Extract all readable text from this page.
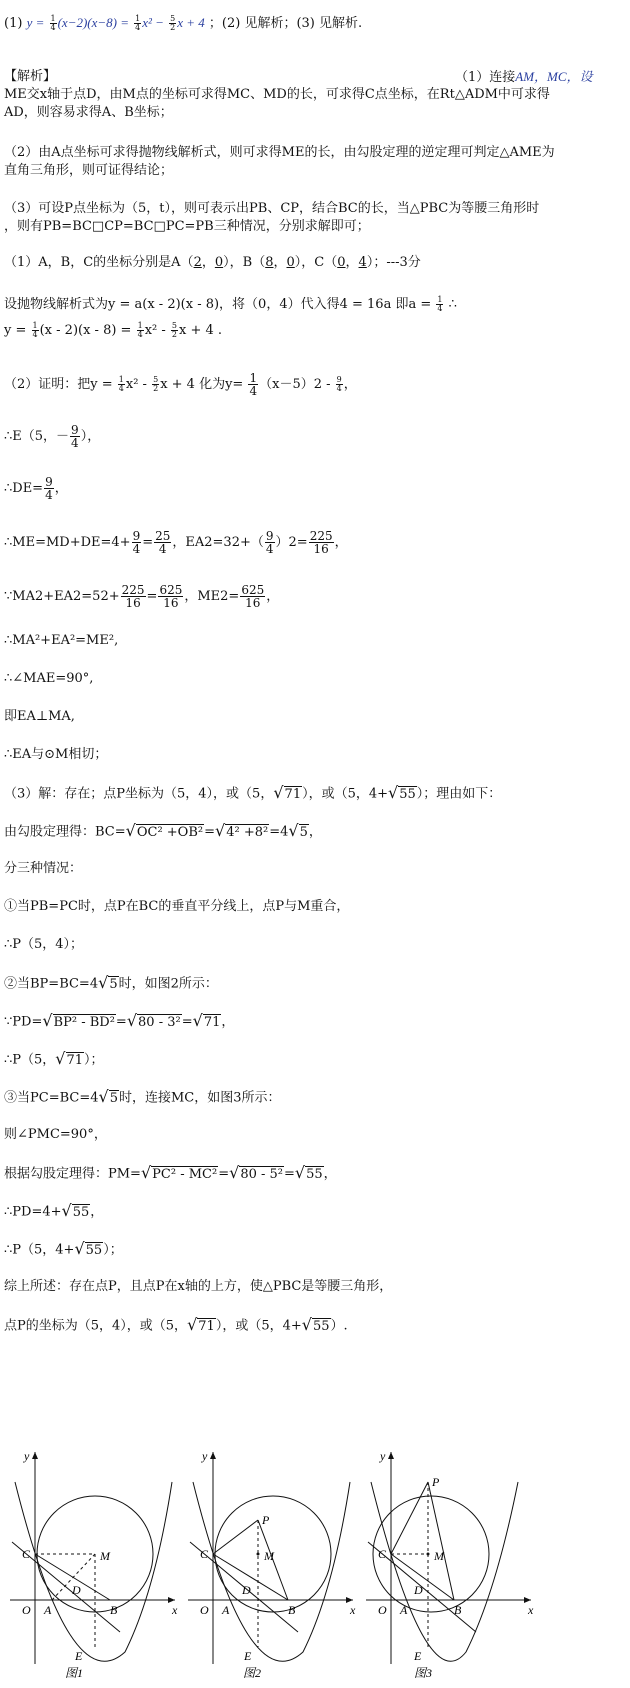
(1) $y = \frac{1}{4} (x-2)(x-8) = \frac{1}{4} x^2 - \frac{5}{2}$ x + 4 ；(2) 见解析；(3) 见解析.
【解析】	（1）连接AM，MC，设
ME交x轴于点D，由M点的坐标可求得MC、MD的长，可求得C点坐标，在Rt△ADM中可求得
AD，则容易求得A、B坐标；
（2）由A点坐标可求得抛物线解析式，则可求得ME的长，由勾股定理的逆定理可判定△AME为
直角三角形，则可证得结论；
（3）可设P点坐标为（5，t），则可表示出PB、CP，结合BC的长，当△PBC为等腰三角形时
，则有PB=BC□CP=BC□PC=PB三种情况，分别求解即可；
（1）A，B，C的坐标分别是A（2，0），B（8，0），C（0，4）；---3分
设抛物线解析式为y = a(x - 2)(x - 8)，将（0，4）代入得4 = 16a 即$a = \frac{1}{4}$ ∴
$y = \frac{1}{4} (x - 2)(x - 8) = \frac{1}{4} x^2 - \frac{5}{2}$ x + 4 .
（2）证明：把$y = \frac{1}{4} x^2 - \frac{5}{2}$ x + 4 化为$y= \frac{1}{4} (x-5)2 - \frac{9}{4}$ ，
∴E（5，－ $\frac{9}{4}$ ），
∴DE= $\frac{9}{4}$ ，
∴ME=MD+DE=4+ $\frac{9}{4} = \frac{25}{4}$ ，$EA2=32+( \frac{9}{4} )2= \frac{225}{16}$ ，
∵MA2+EA2=52+ $\frac{225}{16} = \frac{625}{16}$ ，$ME2= \frac{625}{16}$ ，
∴MA²+EA²=ME²,
∴∠MAE=90°,
即EA⊥MA,
∴EA与⊙M相切；
（3）解：存在；点P坐标为（5，4），或（5，√71），或（5，4+√55）；理由如下：
由勾股定理得：BC=√OC² +OB²=√4² +8²=4√5，
分三种情况：
①当PB=PC时，点P在BC的垂直平分线上，点P与M重合，
∴P（5，4）；
②当BP=BC=4√5时，如图2所示：
∵PD=√BP² - BD²=√80 - 3²=√71，
∴P（5，√71）；
③当PC=BC=4√5时，连接MC，如图3所示：
则∠PMC=90°，
根据勾股定理得：PM=√PC² - MC²=√80 - 5²=√55，
∴PD=4+√55，
∴P（5，4+√55）；
综上所述：存在点P，且点P在x轴的上方，使△PBC是等腰三角形，
点P的坐标为（5，4），或（5，√71），或（5，4+√55）.
y
x
O A	B
C
D
E
M
图1
y
x
O A	B
C
D
E
M
P
图2
y
x
O A	B
C
D
E
M
P
图3
